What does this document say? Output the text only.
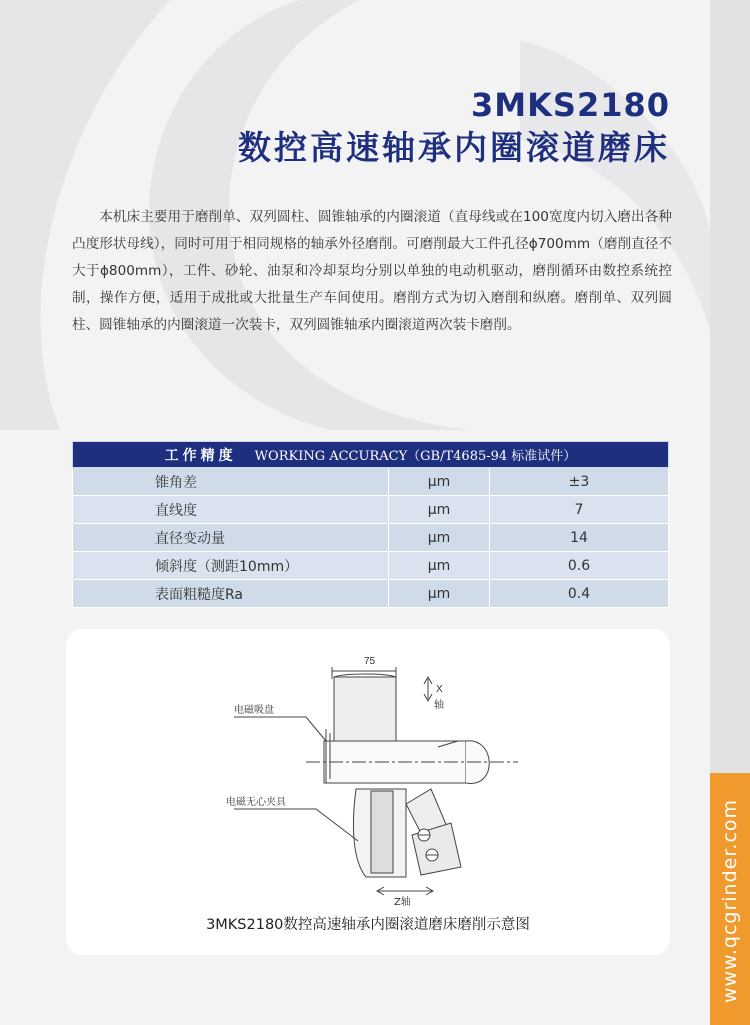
www.qcgrinder.com
3MKS2180
数控高速轴承内圈滚道磨床

本机床主要用于磨削单、双列圆柱、圆锥轴承的内圈滚道（直母线或在100宽度内切入磨出各种凸度形状母线），同时可用于相同规格的轴承外径磨削。可磨削最大工件孔径ϕ700mm（磨削直径不大于ϕ800mm），工件、砂轮、油泵和冷却泵均分别以单独的电动机驱动，磨削循环由数控系统控制，操作方便，适用于成批或大批量生产车间使用。磨削方式为切入磨削和纵磨。磨削单、双列圆柱、圆锥轴承的内圈滚道一次装卡，双列圆锥轴承内圈滚道两次装卡磨削。

工作精度 WORKING ACCURACY（GB/T4685-94 标准试件）		
锥角差	μm	±3
直线度	μm	7
直径变动量	μm	14
倾斜度（测距10mm）	μm	0.6
表面粗糙度Ra	μm	0.4
75
X
轴
电磁吸盘
电磁无心夹具
Z轴
3MKS2180数控高速轴承内圈滚道磨床磨削示意图
